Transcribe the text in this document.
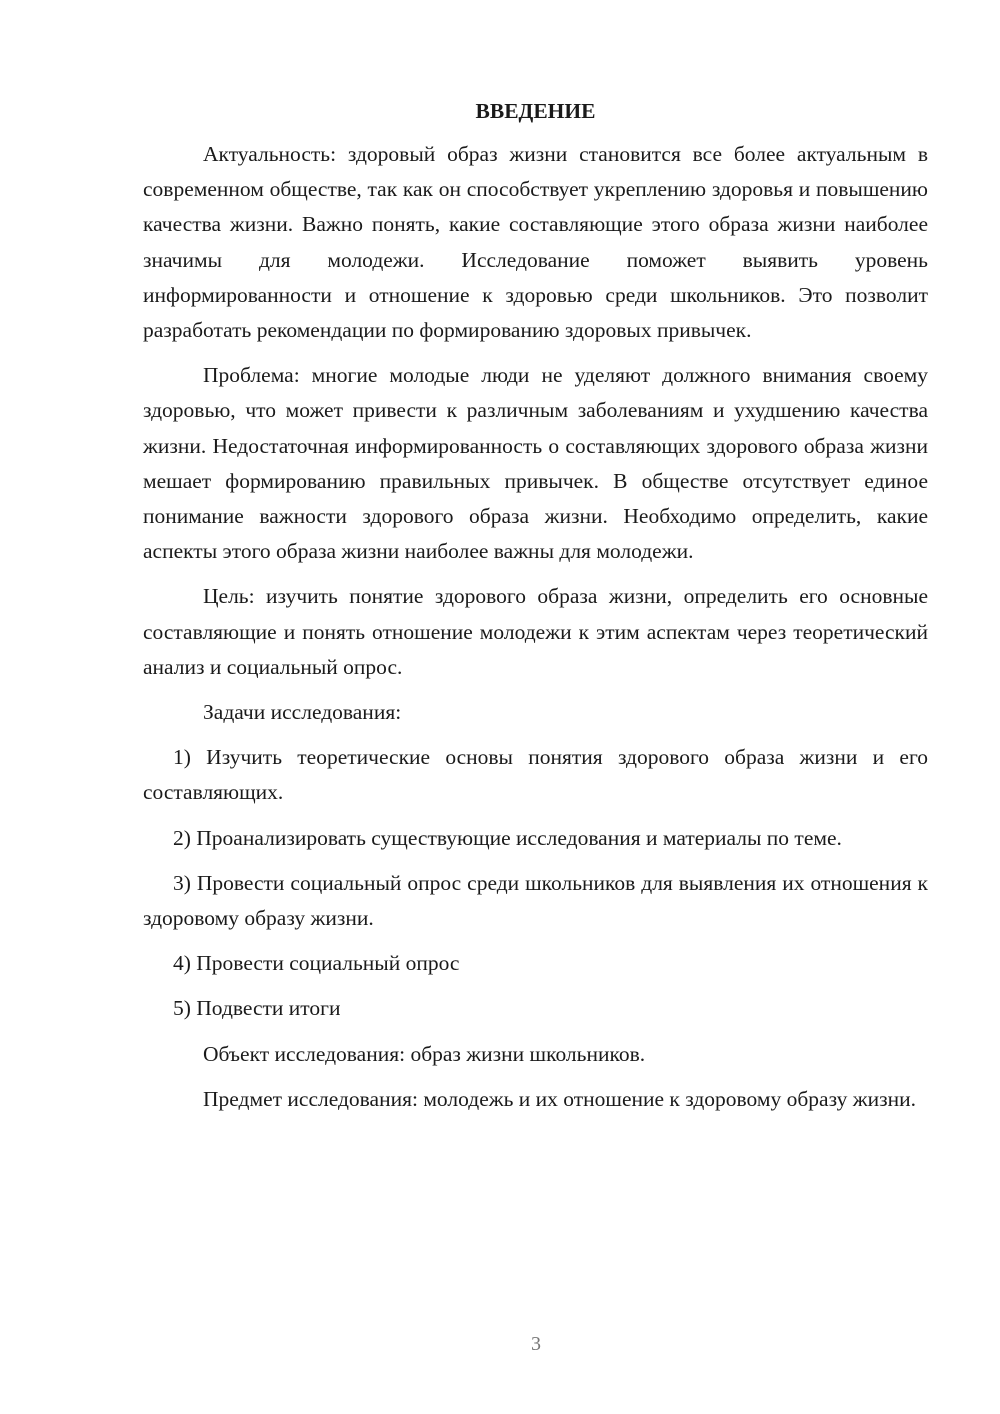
ВВЕДЕНИЕ

Актуальность: здоровый образ жизни становится все более актуальным в современном обществе, так как он способствует укреплению здоровья и повышению качества жизни. Важно понять, какие составляющие этого образа жизни наиболее значимы для молодежи. Исследование поможет выявить уровень информированности и отношение к здоровью среди школьников. Это позволит разработать рекомендации по формированию здоровых привычек.

Проблема: многие молодые люди не уделяют должного внимания своему здоровью, что может привести к различным заболеваниям и ухудшению качества жизни. Недостаточная информированность о составляющих здорового образа жизни мешает формированию правильных привычек. В обществе отсутствует единое понимание важности здорового образа жизни. Необходимо определить, какие аспекты этого образа жизни наиболее важны для молодежи.

Цель: изучить понятие здорового образа жизни, определить его основные составляющие и понять отношение молодежи к этим аспектам через теоретический анализ и социальный опрос.

Задачи исследования:

1) Изучить теоретические основы понятия здорового образа жизни и его составляющих.

2) Проанализировать существующие исследования и материалы по теме.

3) Провести социальный опрос среди школьников для выявления их отношения к здоровому образу жизни.

4) Провести социальный опрос

5) Подвести итоги

Объект исследования: образ жизни школьников.

Предмет исследования: молодежь и их отношение к здоровому образу жизни.

3
